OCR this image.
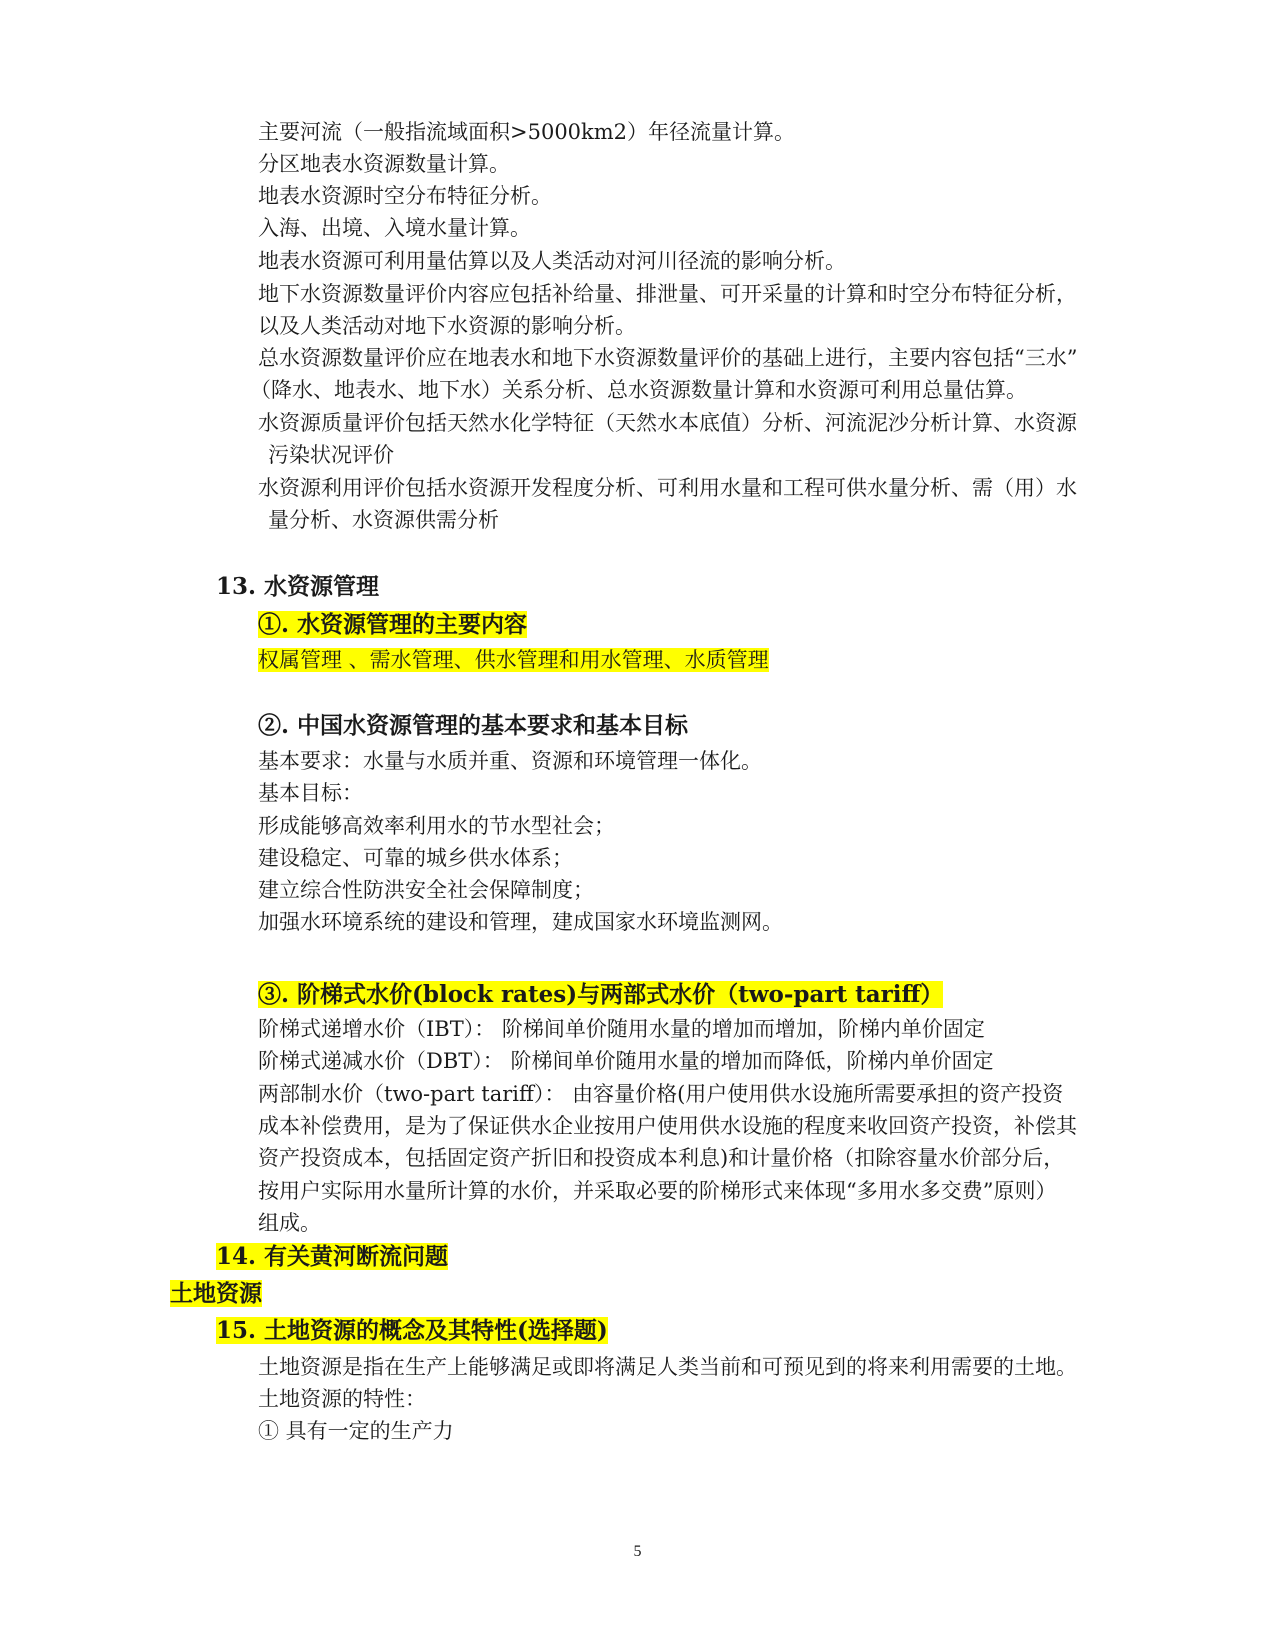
主要河流（一般指流域面积>5000km2）年径流量计算。
分区地表水资源数量计算。
地表水资源时空分布特征分析。
入海、出境、入境水量计算。
地表水资源可利用量估算以及人类活动对河川径流的影响分析。
地下水资源数量评价内容应包括补给量、排泄量、可开采量的计算和时空分布特征分析，
以及人类活动对地下水资源的影响分析。
总水资源数量评价应在地表水和地下水资源数量评价的基础上进行，主要内容包括“三水”
（降水、地表水、地下水）关系分析、总水资源数量计算和水资源可利用总量估算。
水资源质量评价包括天然水化学特征（天然水本底值）分析、河流泥沙分析计算、水资源
污染状况评价
水资源利用评价包括水资源开发程度分析、可利用水量和工程可供水量分析、需（用）水
量分析、水资源供需分析
13. 水资源管理
①. 水资源管理的主要内容
权属管理 、需水管理、供水管理和用水管理、水质管理
②. 中国水资源管理的基本要求和基本目标
基本要求：水量与水质并重、资源和环境管理一体化。
基本目标：
形成能够高效率利用水的节水型社会；
建设稳定、可靠的城乡供水体系；
建立综合性防洪安全社会保障制度；
加强水环境系统的建设和管理，建成国家水环境监测网。
③. 阶梯式水价(block rates)与两部式水价（two-part tariff）
阶梯式递增水价（IBT）： 阶梯间单价随用水量的增加而增加，阶梯内单价固定
阶梯式递减水价（DBT）： 阶梯间单价随用水量的增加而降低，阶梯内单价固定
两部制水价（two-part tariff）： 由容量价格(用户使用供水设施所需要承担的资产投资
成本补偿费用，是为了保证供水企业按用户使用供水设施的程度来收回资产投资，补偿其
资产投资成本，包括固定资产折旧和投资成本利息)和计量价格（扣除容量水价部分后，
按用户实际用水量所计算的水价，并采取必要的阶梯形式来体现“多用水多交费”原则）
组成。
14. 有关黄河断流问题
土地资源
15. 土地资源的概念及其特性(选择题)
土地资源是指在生产上能够满足或即将满足人类当前和可预见到的将来利用需要的土地。
土地资源的特性：
① 具有一定的生产力
5
